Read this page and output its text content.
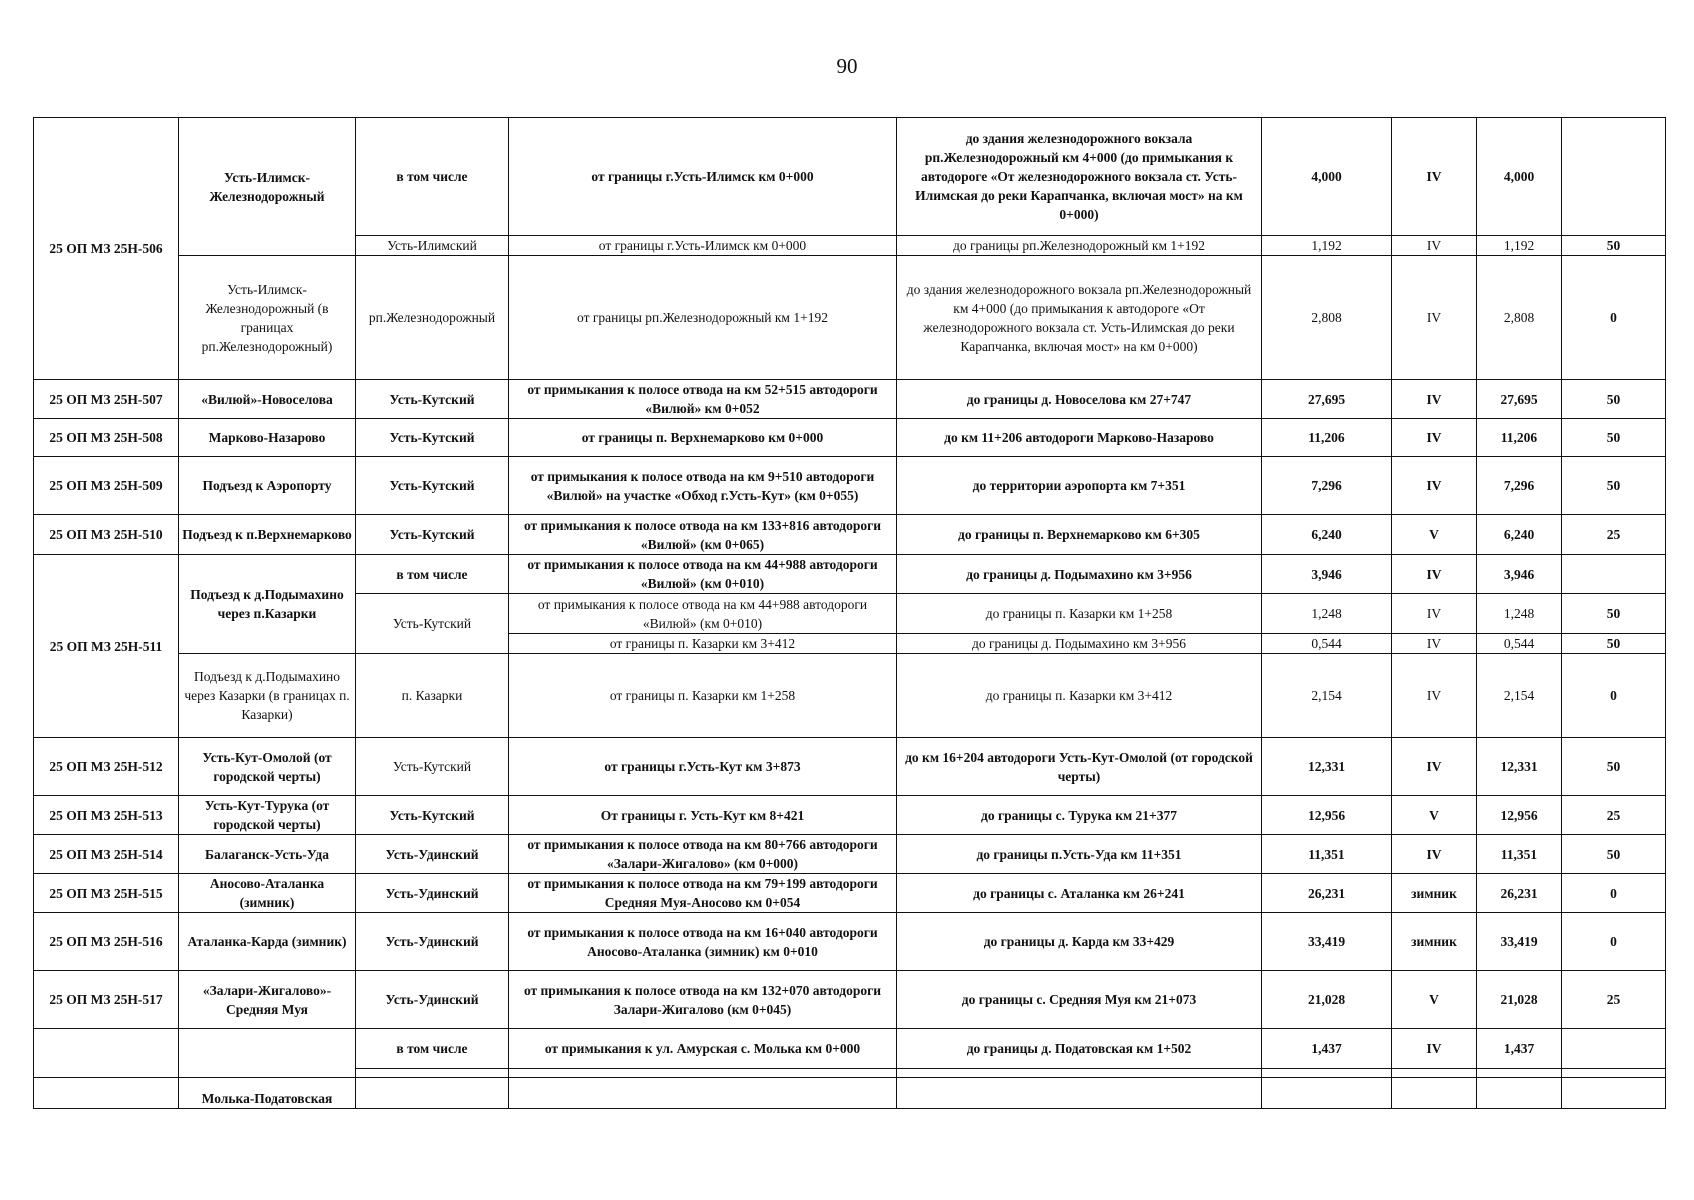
90
25 ОП МЗ 25Н-506	Усть-Илимск-Железнодорожный	в том числе	от границы г.Усть-Илимск км 0+000	до здания железнодорожного вокзала рп.Железнодорожный км 4+000 (до примыкания к автодороге «От железнодорожного вокзала ст. Усть-Илимская до реки Карапчанка, включая мост» на км 0+000)	4,000	IV	4,000	
		Усть-Илимский	от границы г.Усть-Илимск км 0+000	до границы рп.Железнодорожный км 1+192	1,192	IV	1,192	50
	Усть-Илимск-Железнодорожный (в границах рп.Железнодорожный)	рп.Железнодорожный	от границы рп.Железнодорожный км 1+192	до здания железнодорожного вокзала рп.Железнодорожный км 4+000 (до примыкания к автодороге «От железнодорожного вокзала ст. Усть-Илимская до реки Карапчанка, включая мост» на км 0+000)	2,808	IV	2,808	0
25 ОП МЗ 25Н-507	«Вилюй»-Новоселова	Усть-Кутский	от примыкания к полосе отвода на км 52+515 автодороги «Вилюй» км 0+052	до границы д. Новоселова км 27+747	27,695	IV	27,695	50
25 ОП МЗ 25Н-508	Марково-Назарово	Усть-Кутский	от границы п. Верхнемарково км 0+000	до км 11+206 автодороги Марково-Назарово	11,206	IV	11,206	50
25 ОП МЗ 25Н-509	Подъезд к Аэропорту	Усть-Кутский	от примыкания к полосе отвода на км 9+510 автодороги «Вилюй» на участке «Обход г.Усть-Кут» (км 0+055)	до территории аэропорта км 7+351	7,296	IV	7,296	50
25 ОП МЗ 25Н-510	Подъезд к п.Верхнемарково	Усть-Кутский	от примыкания к полосе отвода на км 133+816 автодороги «Вилюй» (км 0+065)	до границы п. Верхнемарково км 6+305	6,240	V	6,240	25
25 ОП МЗ 25Н-511	Подъезд к д.Подымахино через п.Казарки	в том числе	от примыкания к полосе отвода на км 44+988 автодороги «Вилюй» (км 0+010)	до границы д. Подымахино км 3+956	3,946	IV	3,946	
		Усть-Кутский	от примыкания к полосе отвода на км 44+988 автодороги «Вилюй» (км 0+010)	до границы п. Казарки км 1+258	1,248	IV	1,248	50
			от границы п. Казарки км 3+412	до границы д. Подымахино км 3+956	0,544	IV	0,544	50
	Подъезд к д.Подымахино через Казарки (в границах п. Казарки)	п. Казарки	от границы п. Казарки км 1+258	до границы п. Казарки км 3+412	2,154	IV	2,154	0
25 ОП МЗ 25Н-512	Усть-Кут-Омолой (от городской черты)	Усть-Кутский	от границы г.Усть-Кут км 3+873	до км 16+204 автодороги Усть-Кут-Омолой (от городской черты)	12,331	IV	12,331	50
25 ОП МЗ 25Н-513	Усть-Кут-Турука (от городской черты)	Усть-Кутский	От границы г. Усть-Кут км 8+421	до границы с. Турука км 21+377	12,956	V	12,956	25
25 ОП МЗ 25Н-514	Балаганск-Усть-Уда	Усть-Удинский	от примыкания к полосе отвода на км 80+766 автодороги «Залари-Жигалово» (км 0+000)	до границы п.Усть-Уда км 11+351	11,351	IV	11,351	50
25 ОП МЗ 25Н-515	Аносово-Аталанка (зимник)	Усть-Удинский	от примыкания к полосе отвода на км 79+199 автодороги Средняя Муя-Аносово км 0+054	до границы с. Аталанка км 26+241	26,231	зимник	26,231	0
25 ОП МЗ 25Н-516	Аталанка-Карда (зимник)	Усть-Удинский	от примыкания к полосе отвода на км 16+040 автодороги Аносово-Аталанка (зимник) км 0+010	до границы д. Карда км 33+429	33,419	зимник	33,419	0
25 ОП МЗ 25Н-517	«Залари-Жигалово»-Средняя Муя	Усть-Удинский	от примыкания к полосе отвода на км 132+070 автодороги Залари-Жигалово (км 0+045)	до границы с. Средняя Муя км 21+073	21,028	V	21,028	25
	Молька-Податовская	в том числе	от примыкания к ул. Амурская с. Молька км 0+000	до границы д. Податовская км 1+502	1,437	IV	1,437	
